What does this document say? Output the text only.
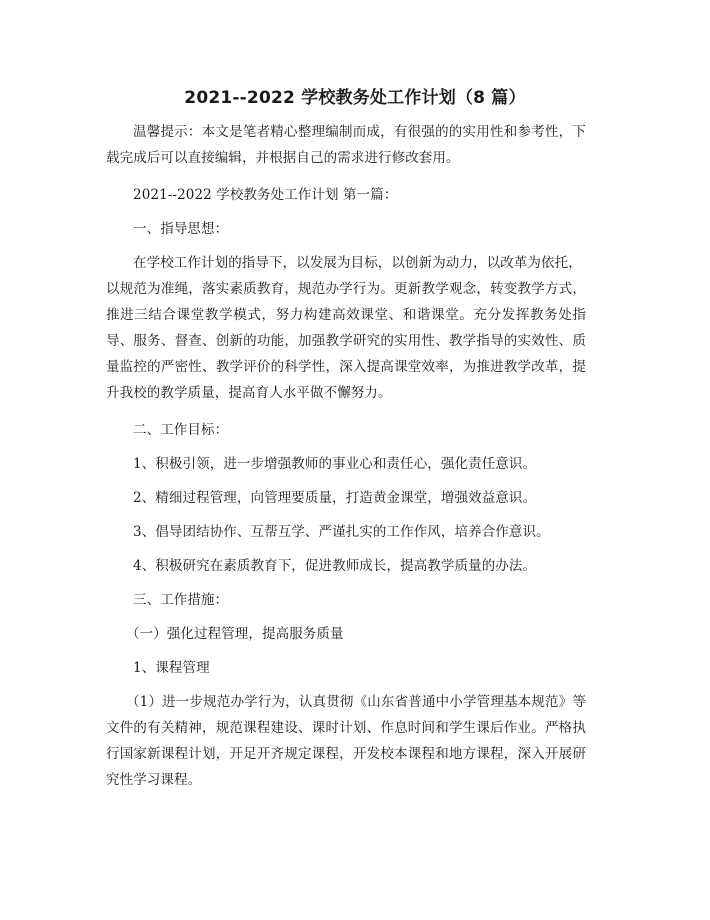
2021--2022 学校教务处工作计划（8 篇）

温馨提示：本文是笔者精心整理编制而成，有很强的的实用性和参考性，下载完成后可以直接编辑，并根据自己的需求进行修改套用。

2021--2022 学校教务处工作计划 第一篇：

一、指导思想：

在学校工作计划的指导下，以发展为目标，以创新为动力，以改革为依托，

以规范为准绳，落实素质教育，规范办学行为。更新教学观念，转变教学方式，推进三结合课堂教学模式，努力构建高效课堂、和谐课堂。充分发挥教务处指导、服务、督查、创新的功能，加强教学研究的实用性、教学指导的实效性、质量监控的严密性、教学评价的科学性，深入提高课堂效率，为推进教学改革，提升我校的教学质量，提高育人水平做不懈努力。

二、工作目标：

1、积极引领，进一步增强教师的事业心和责任心，强化责任意识。

2、精细过程管理，向管理要质量，打造黄金课堂，增强效益意识。

3、倡导团结协作、互帮互学、严谨扎实的工作作风，培养合作意识。

4、积极研究在素质教育下，促进教师成长，提高教学质量的办法。

三、工作措施：

（一）强化过程管理，提高服务质量

1、课程管理

（1）进一步规范办学行为，认真贯彻《山东省普通中小学管理基本规范》等文件的有关精神，规范课程建设、课时计划、作息时间和学生课后作业。严格执行国家新课程计划，开足开齐规定课程，开发校本课程和地方课程，深入开展研究性学习课程。
